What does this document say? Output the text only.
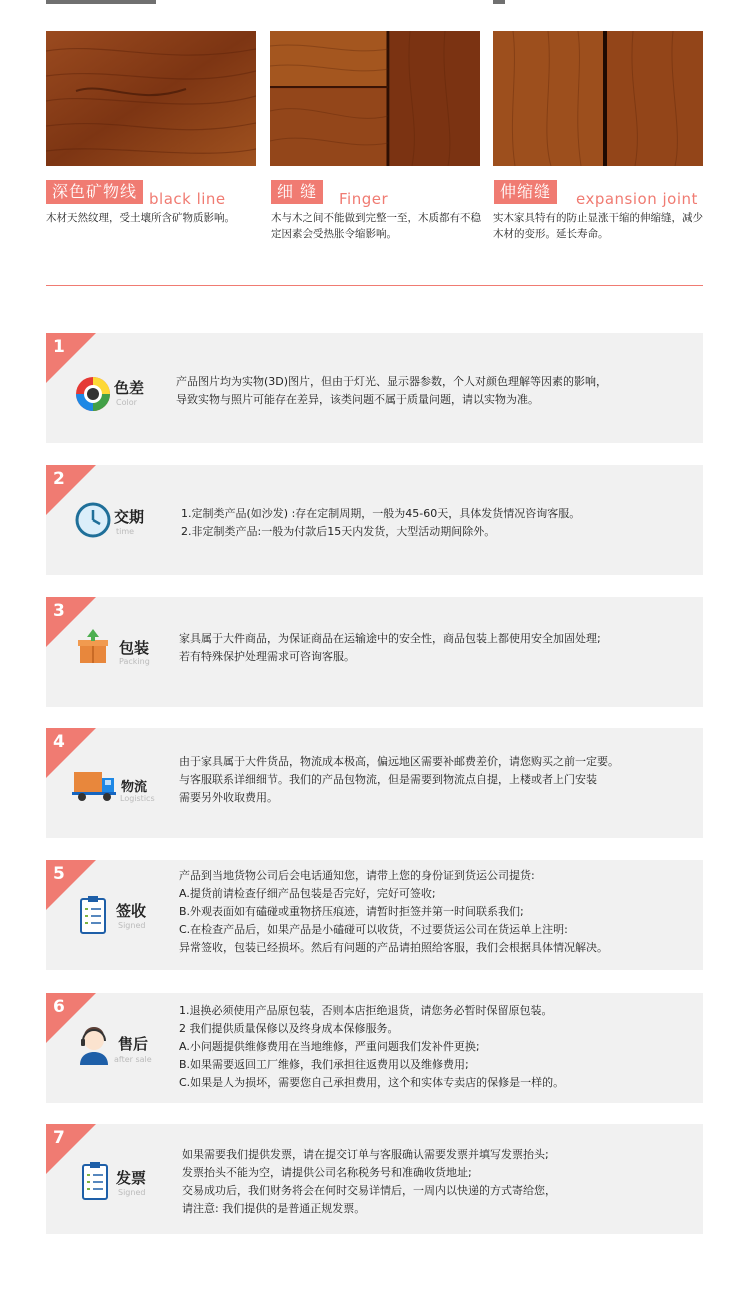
深色矿物线 black line
木材天然纹理，受土壤所含矿物质影响。
细 缝	Finger
木与木之间不能做到完整一至，木质都有不稳定因素会受热胀令缩影响。
伸缩缝	expansion joint
实木家具特有的防止显涨干缩的伸缩缝，减少木材的变形。延长寿命。
1
色差
Color
产品图片均为实物(3D)图片，但由于灯光、显示器参数，个人对颜色理解等因素的影响，
导致实物与照片可能存在差异，该类问题不属于质量问题，请以实物为准。
2
交期
time
1.定制类产品(如沙发) :存在定制周期，一般为45-60天，具体发货情况咨询客服。
2.非定制类产品:一般为付款后15天内发货，大型活动期间除外。
3
包装
Packing
家具属于大件商品，为保证商品在运输途中的安全性，商品包装上都使用安全加固处理;
若有特殊保护处理需求可咨询客服。
4
物流
Logistics
由于家具属于大件货品，物流成本极高，偏远地区需要补邮费差价，请您购买之前一定要。
与客服联系详细细节。我们的产品包物流，但是需要到物流点自提，上楼或者上门安装
需要另外收取费用。
5
签收
Signed
产品到当地货物公司后会电话通知您，请带上您的身份证到货运公司提货:
A.提货前请检查仔细产品包装是否完好，完好可签收;
B.外观表面如有磕碰或重物挤压痕迹，请暂时拒签并第一时间联系我们;
C.在检查产品后，如果产品是小磕碰可以收货，不过要货运公司在货运单上注明:
异常签收，包装已经损坏。然后有问题的产品请拍照给客服，我们会根据具体情况解决。
6
售后
after sale
1.退换必须使用产品原包装，否则本店拒绝退货，请您务必暂时保留原包装。
2 我们提供质量保修以及终身成本保修服务。
A.小问题提供维修费用在当地维修，严重问题我们发补件更换;
B.如果需要返回工厂维修，我们承担往返费用以及维修费用;
C.如果是人为损坏，需要您自己承担费用，这个和实体专卖店的保修是一样的。
7
发票
Signed
如果需要我们提供发票，请在提交订单与客服确认需要发票并填写发票抬头;
发票抬头不能为空，请提供公司名称税务号和准确收货地址;
交易成功后，我们财务将会在何时交易详情后，一周内以快递的方式寄给您，
请注意: 我们提供的是普通正规发票。
